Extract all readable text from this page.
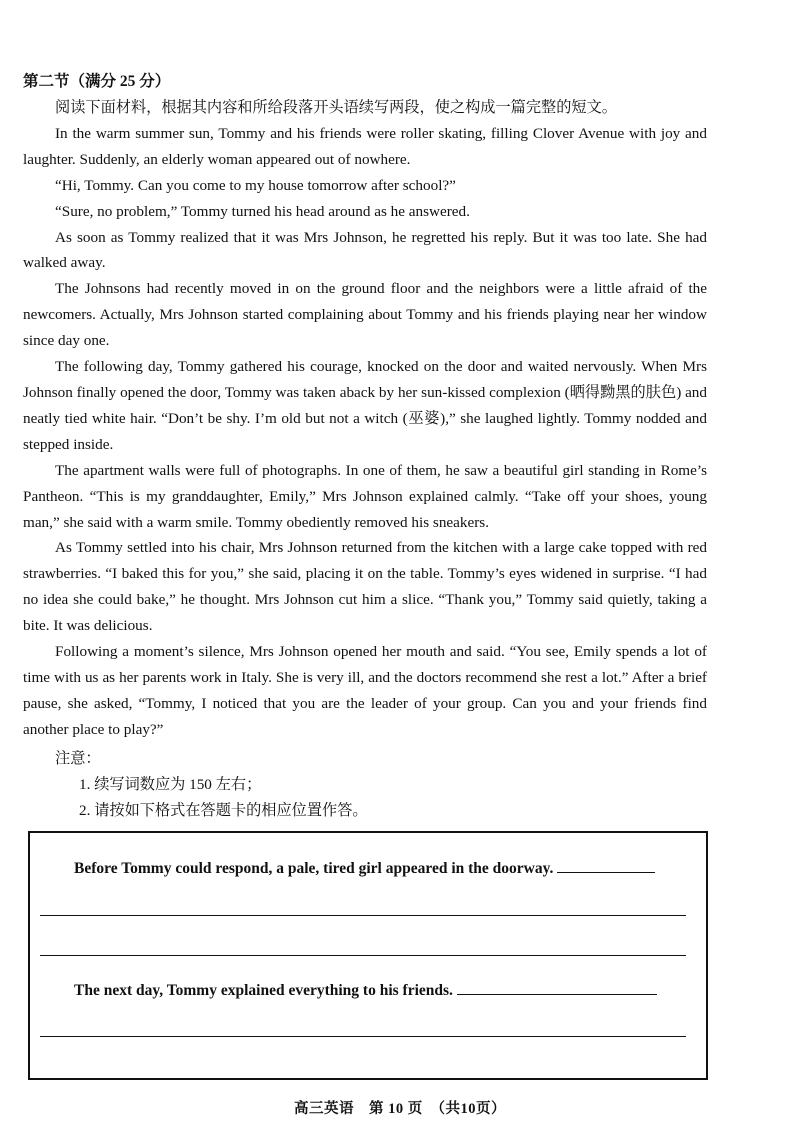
第二节（满分 25 分）

阅读下面材料，根据其内容和所给段落开头语续写两段，使之构成一篇完整的短文。

In the warm summer sun, Tommy and his friends were roller skating, filling Clover Avenue with joy and laughter. Suddenly, an elderly woman appeared out of nowhere.

“Hi, Tommy. Can you come to my house tomorrow after school?”

“Sure, no problem,” Tommy turned his head around as he answered.

As soon as Tommy realized that it was Mrs Johnson, he regretted his reply. But it was too late. She had walked away.

The Johnsons had recently moved in on the ground floor and the neighbors were a little afraid of the newcomers. Actually, Mrs Johnson started complaining about Tommy and his friends playing near her window since day one.

The following day, Tommy gathered his courage, knocked on the door and waited nervously. When Mrs Johnson finally opened the door, Tommy was taken aback by her sun-kissed complexion (晒得黝黑的肤色) and neatly tied white hair. “Don’t be shy. I’m old but not a witch (巫婆),” she laughed lightly. Tommy nodded and stepped inside.

The apartment walls were full of photographs. In one of them, he saw a beautiful girl standing in Rome’s Pantheon. “This is my granddaughter, Emily,” Mrs Johnson explained calmly. “Take off your shoes, young man,” she said with a warm smile. Tommy obediently removed his sneakers.

As Tommy settled into his chair, Mrs Johnson returned from the kitchen with a large cake topped with red strawberries. “I baked this for you,” she said, placing it on the table. Tommy’s eyes widened in surprise. “I had no idea she could bake,” he thought. Mrs Johnson cut him a slice. “Thank you,” Tommy said quietly, taking a bite. It was delicious.

Following a moment’s silence, Mrs Johnson opened her mouth and said. “You see, Emily spends a lot of time with us as her parents work in Italy. She is very ill, and the doctors recommend she rest a lot.” After a brief pause, she asked, “Tommy, I noticed that you are the leader of your group. Can you and your friends find another place to play?”

注意：
1. 续写词数应为 150 左右；
2. 请按如下格式在答题卡的相应位置作答。
Before Tommy could respond, a pale, tired girl appeared in the doorway.
The next day, Tommy explained everything to his friends.
高三英语　第 10 页　（共10页）
